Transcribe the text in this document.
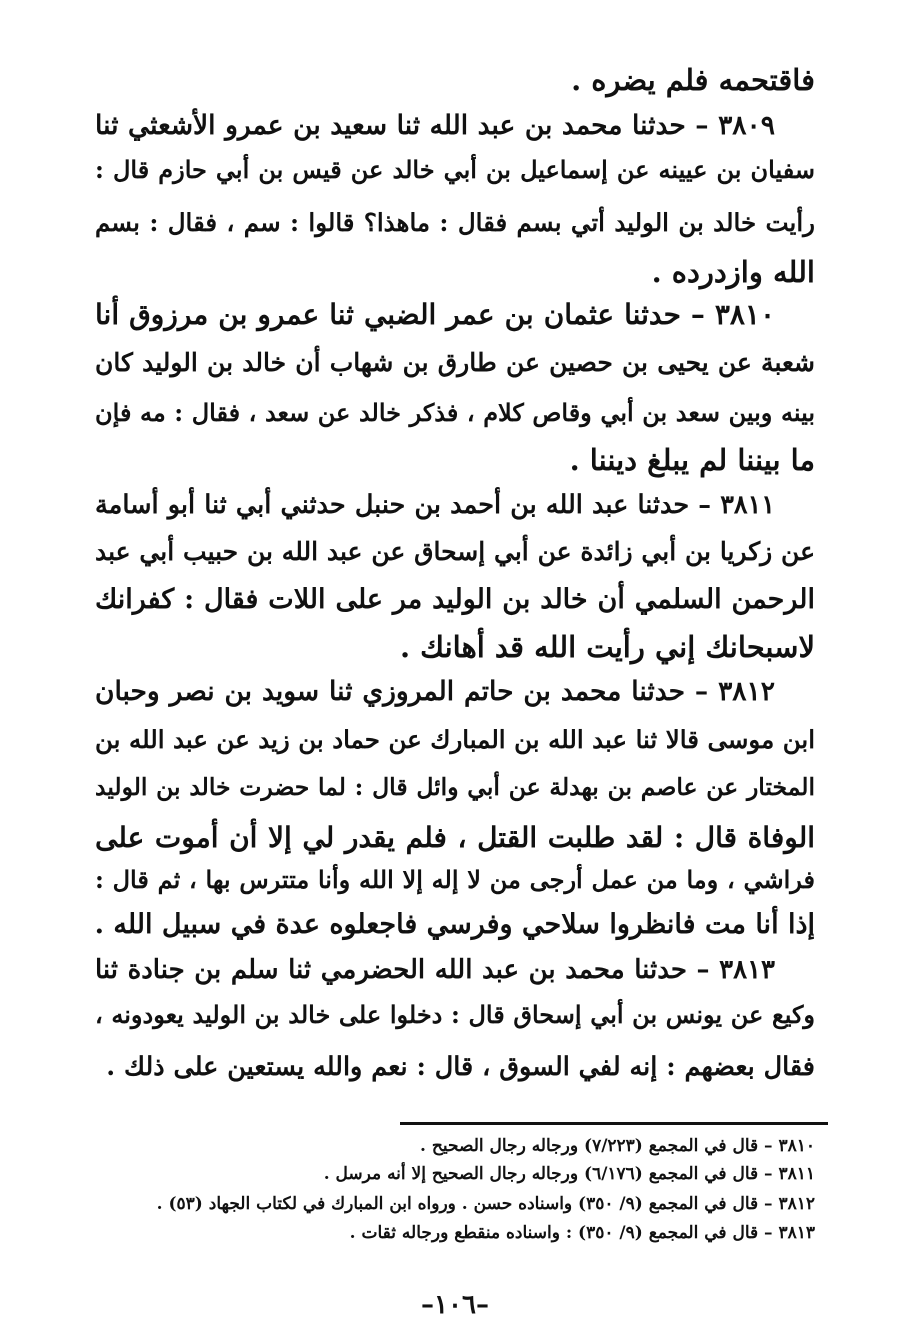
فاقتحمه فلم يضره .
٣٨٠٩ – حدثنا محمد بن عبد الله ثنا سعيد بن عمرو الأشعثي ثنا
سفيان بن عيينه عن إسماعيل بن أبي خالد عن قيس بن أبي حازم قال :
رأيت خالد بن الوليد أتي بسم فقال : ماهذا؟ قالوا : سم ، فقال : بسم
الله وازدرده .
٣٨١٠ – حدثنا عثمان بن عمر الضبي ثنا عمرو بن مرزوق أنا
شعبة عن يحيى بن حصين عن طارق بن شهاب أن خالد بن الوليد كان
بينه وبين سعد بن أبي وقاص كلام ، فذكر خالد عن سعد ، فقال : مه فإن
ما بيننا لم يبلغ ديننا .
٣٨١١ – حدثنا عبد الله بن أحمد بن حنبل حدثني أبي ثنا أبو أسامة
عن زكريا بن أبي زائدة عن أبي إسحاق عن عبد الله بن حبيب أبي عبد
الرحمن السلمي أن خالد بن الوليد مر على اللات فقال : كفرانك
لاسبحانك إني رأيت الله قد أهانك .
٣٨١٢ – حدثنا محمد بن حاتم المروزي ثنا سويد بن نصر وحبان
ابن موسى قالا ثنا عبد الله بن المبارك عن حماد بن زيد عن عبد الله بن
المختار عن عاصم بن بهدلة عن أبي وائل قال : لما حضرت خالد بن الوليد
الوفاة قال : لقد طلبت القتل ، فلم يقدر لي إلا أن أموت على
فراشي ، وما من عمل أرجى من لا إله إلا الله وأنا متترس بها ، ثم قال :
إذا أنا مت فانظروا سلاحي وفرسي فاجعلوه عدة في سبيل الله .
٣٨١٣ – حدثنا محمد بن عبد الله الحضرمي ثنا سلم بن جنادة ثنا
وكيع عن يونس بن أبي إسحاق قال : دخلوا على خالد بن الوليد يعودونه ،
فقال بعضهم : إنه لفي السوق ، قال : نعم والله يستعين على ذلك .
٣٨١٠ – قال في المجمع (٧/٢٢٣) ورجاله رجال الصحيح .
٣٨١١ – قال في المجمع (٦/١٧٦) ورجاله رجال الصحيح إلا أنه مرسل .
٣٨١٢ – قال في المجمع (٩/ ٣٥٠) واسناده حسن . ورواه ابن المبارك في لكتاب الجهاد (٥٣) .
٣٨١٣ – قال في المجمع (٩/ ٣٥٠) : واسناده منقطع ورجاله ثقات .
–١٠٦–
